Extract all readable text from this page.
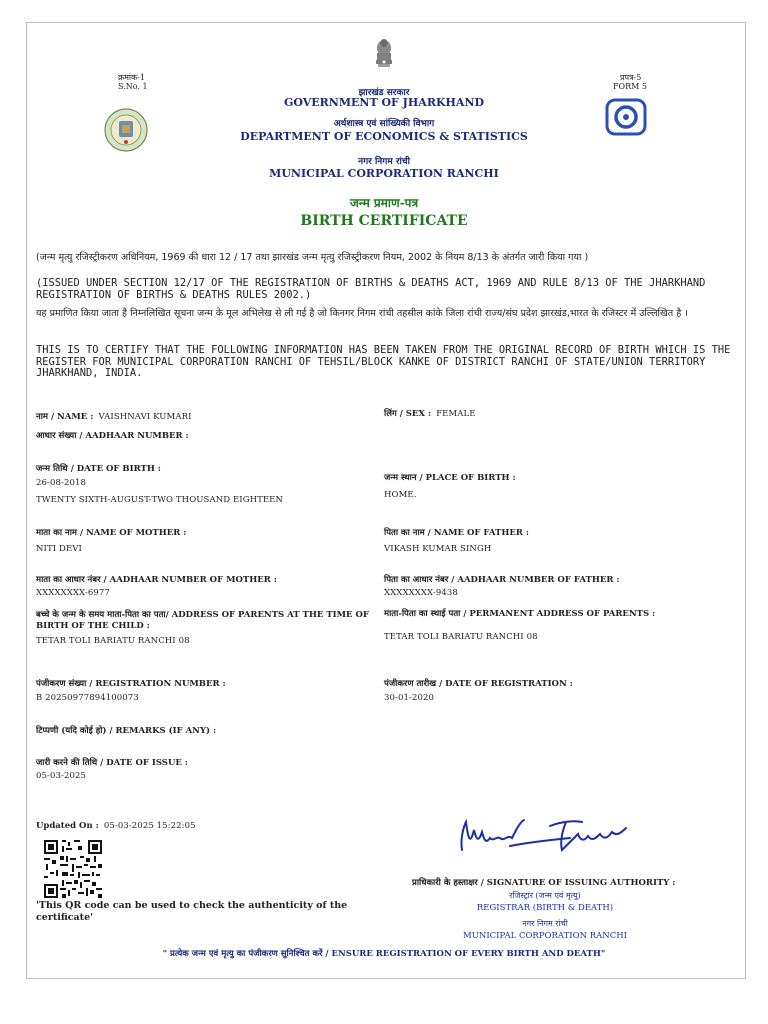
क्रमांक-1
S.No. 1
प्रपत्र-5
FORM 5
झारखंड सरकार
GOVERNMENT OF JHARKHAND
अर्थशास्त्र एवं सांख्यिकी विभाग
DEPARTMENT OF ECONOMICS & STATISTICS
नगर निगम रांची
MUNICIPAL CORPORATION RANCHI
जन्म प्रमाण-पत्र
BIRTH CERTIFICATE
(जन्म मृत्यु रजिस्ट्रीकरण अधिनियम, 1969 की धारा 12 / 17 तथा झारखंड जन्म मृत्यु रजिस्ट्रीकरण नियम, 2002 के नियम 8/13 के अंतर्गत जारी किया गया )
(ISSUED UNDER SECTION 12/17 OF THE REGISTRATION OF BIRTHS & DEATHS ACT, 1969 AND RULE 8/13 OF THE JHARKHAND REGISTRATION OF BIRTHS & DEATHS RULES 2002.)
यह प्रमाणित किया जाता है निम्नलिखित सूचना जन्म के मूल अभिलेख से ली गई है जो किनगर निगम रांची तहसील कांके जिला रांची राज्य/संघ प्रदेश झारखंड,भारत के रजिस्टर में उल्लिखित है ।
THIS IS TO CERTIFY THAT THE FOLLOWING INFORMATION HAS BEEN TAKEN FROM THE ORIGINAL RECORD OF BIRTH WHICH IS THE REGISTER FOR MUNICIPAL CORPORATION RANCHI OF TEHSIL/BLOCK KANKE OF DISTRICT RANCHI OF STATE/UNION TERRITORY JHARKHAND, INDIA.
नाम / NAME : VAISHNAVI KUMARI
आधार संख्या / AADHAAR NUMBER :
जन्म तिथि / DATE OF BIRTH :
26-08-2018
TWENTY SIXTH-AUGUST-TWO THOUSAND EIGHTEEN
माता का नाम / NAME OF MOTHER :
NITI DEVI
माता का आधार नंबर / AADHAAR NUMBER OF MOTHER :
XXXXXXXX-6977
बच्चे के जन्म के समय माता-पिता का पता/ ADDRESS OF PARENTS AT THE TIME OF BIRTH OF THE CHILD :
TETAR TOLI BARIATU RANCHI 08
पंजीकरण संख्या / REGISTRATION NUMBER :
B 20250977894100073
टिप्पणी (यदि कोई हो) / REMARKS (IF ANY) :
जारी करने की तिथि / DATE OF ISSUE :
05-03-2025
लिंग / SEX : FEMALE
जन्म स्थान / PLACE OF BIRTH :
HOME.
पिता का नाम / NAME OF FATHER :
VIKASH KUMAR SINGH
पिता का आधार नंबर / AADHAAR NUMBER OF FATHER :
XXXXXXXX-9438
माता-पिता का स्थाई पता / PERMANENT ADDRESS OF PARENTS :
TETAR TOLI BARIATU RANCHI 08
पंजीकरण तारीख / DATE OF REGISTRATION :
30-01-2020
Updated On : 05-03-2025 15:22:05
'This QR code can be used to check the authenticity of the certificate'
प्राधिकारी के हस्ताक्षर / SIGNATURE OF ISSUING AUTHORITY :
रजिस्ट्रार (जन्म एवं मृत्यु)
REGISTRAR (BIRTH & DEATH)
नगर निगम रांची
MUNICIPAL CORPORATION RANCHI
" प्रत्येक जन्म एवं मृत्यु का पंजीकरण सुनिश्चित करें / ENSURE REGISTRATION OF EVERY BIRTH AND DEATH"
